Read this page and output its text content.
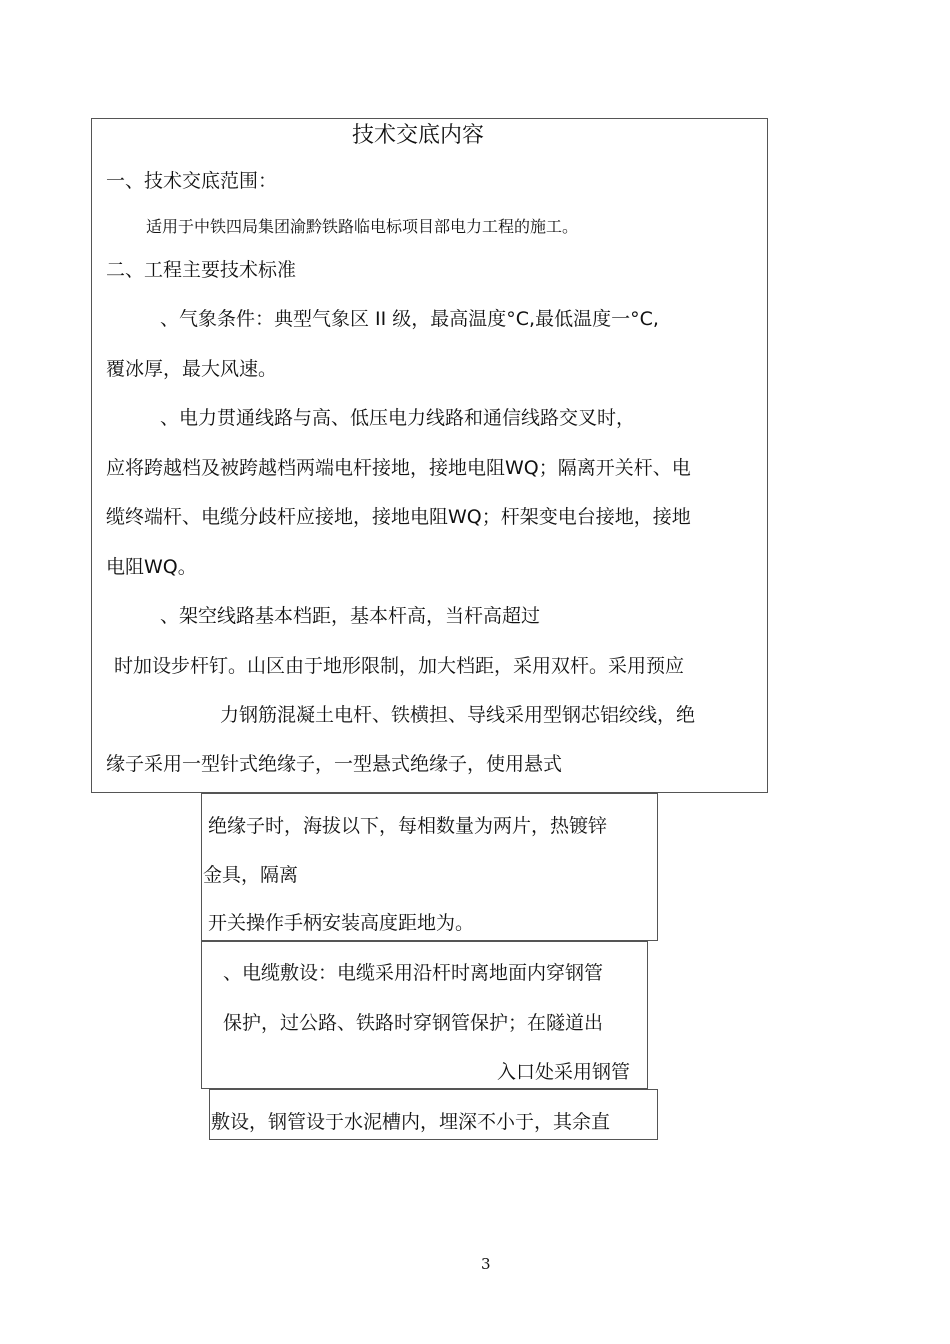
技术交底内容
一、技术交底范围：
适用于中铁四局集团渝黔铁路临电标项目部电力工程的施工。
二、工程主要技术标准
、气象条件：典型气象区 II 级，最高温度°C,最低温度一°C,
覆冰厚，最大风速。
、电力贯通线路与高、低压电力线路和通信线路交叉时，
应将跨越档及被跨越档两端电杆接地，接地电阻WQ；隔离开关杆、电
缆终端杆、电缆分歧杆应接地，接地电阻WQ；杆架变电台接地，接地
电阻WQ。
、架空线路基本档距，基本杆高，当杆高超过
时加设步杆钉。山区由于地形限制，加大档距，采用双杆。采用预应
力钢筋混凝土电杆、铁横担、导线采用型钢芯铝绞线，绝
缘子采用一型针式绝缘子，一型悬式绝缘子，使用悬式
绝缘子时，海拔以下，每相数量为两片，热镀锌
金具，隔离
开关操作手柄安装高度距地为。
、电缆敷设：电缆采用沿杆时离地面内穿钢管
保护，过公路、铁路时穿钢管保护；在隧道出
入口处采用钢管
敷设，钢管设于水泥槽内，埋深不小于，其余直
3
